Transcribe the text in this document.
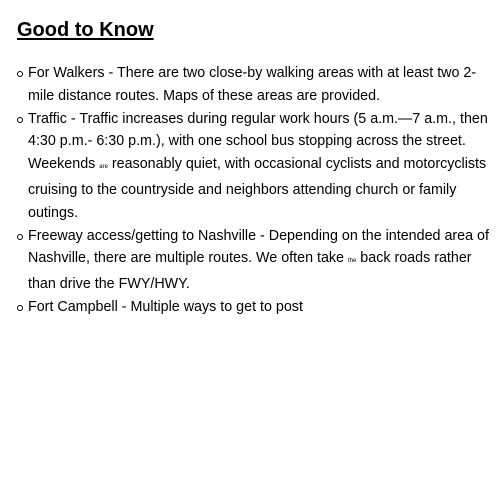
Good to Know
For Walkers - There are two close-by walking areas with at least two 2-mile distance routes. Maps of these areas are provided.
Traffic - Traffic increases during regular work hours (5 a.m.—7 a.m., then 4:30 p.m.- 6:30 p.m.), with one school bus stopping across the street. Weekends are reasonably quiet, with occasional cyclists and motorcyclists cruising to the countryside and neighbors attending church or family outings.
Freeway access/getting to Nashville - Depending on the intended area of Nashville, there are multiple routes. We often take the back roads rather than drive the FWY/HWY.
Fort Campbell - Multiple ways to get to post
